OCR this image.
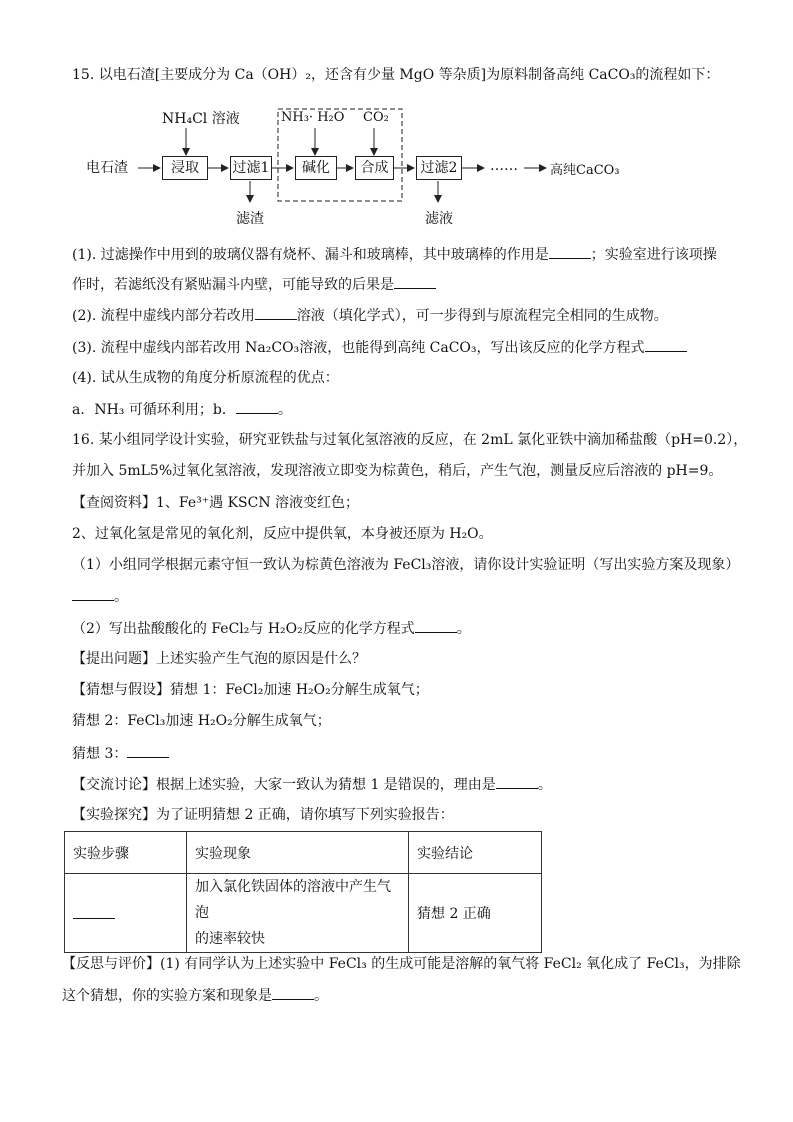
15. 以电石渣[主要成分为 Ca（OH）₂，还含有少量 MgO 等杂质]为原料制备高纯 CaCO₃的流程如下：
电石渣
NH₄Cl 溶液
浸取	过滤1
滤渣
NH₃· H₂O CO₂
碱化	合成	过滤2
滤液
…… 高纯CaCO₃
(1). 过滤操作中用到的玻璃仪器有烧杯、漏斗和玻璃棒，其中玻璃棒的作用是	；实验室进行该项操
作时，若滤纸没有紧贴漏斗内壁，可能导致的后果是
(2). 流程中虚线内部分若改用	溶液（填化学式），可一步得到与原流程完全相同的生成物。
(3). 流程中虚线内部若改用 Na₂CO₃溶液，也能得到高纯 CaCO₃，写出该反应的化学方程式
(4). 试从生成物的角度分析原流程的优点：
a．NH₃ 可循环利用；b．	。
16. 某小组同学设计实验，研究亚铁盐与过氧化氢溶液的反应，在 2mL 氯化亚铁中滴加稀盐酸（pH=0.2），
并加入 5mL5%过氧化氢溶液，发现溶液立即变为棕黄色，稍后，产生气泡，测量反应后溶液的 pH=9。
【查阅资料】1、Fe³⁺遇 KSCN 溶液变红色；
2、过氧化氢是常见的氧化剂，反应中提供氧，本身被还原为 H₂O。
（1）小组同学根据元素守恒一致认为棕黄色溶液为 FeCl₃溶液，请你设计实验证明（写出实验方案及现象）
。
（2）写出盐酸酸化的 FeCl₂与 H₂O₂反应的化学方程式	。
【提出问题】上述实验产生气泡的原因是什么？
【猜想与假设】猜想 1：FeCl₂加速 H₂O₂分解生成氧气；
猜想 2：FeCl₃加速 H₂O₂分解生成氧气；
猜想 3：
【交流讨论】根据上述实验，大家一致认为猜想 1 是错误的，理由是	。
【实验探究】为了证明猜想 2 正确，请你填写下列实验报告：
实验步骤	实验现象	实验结论

	加入氯化铁固体的溶液中产生气泡
的速率较快	猜想 2 正确
【反思与评价】(1) 有同学认为上述实验中 FeCl₃ 的生成可能是溶解的氧气将 FeCl₂ 氧化成了 FeCl₃，为排除
这个猜想，你的实验方案和现象是	。
